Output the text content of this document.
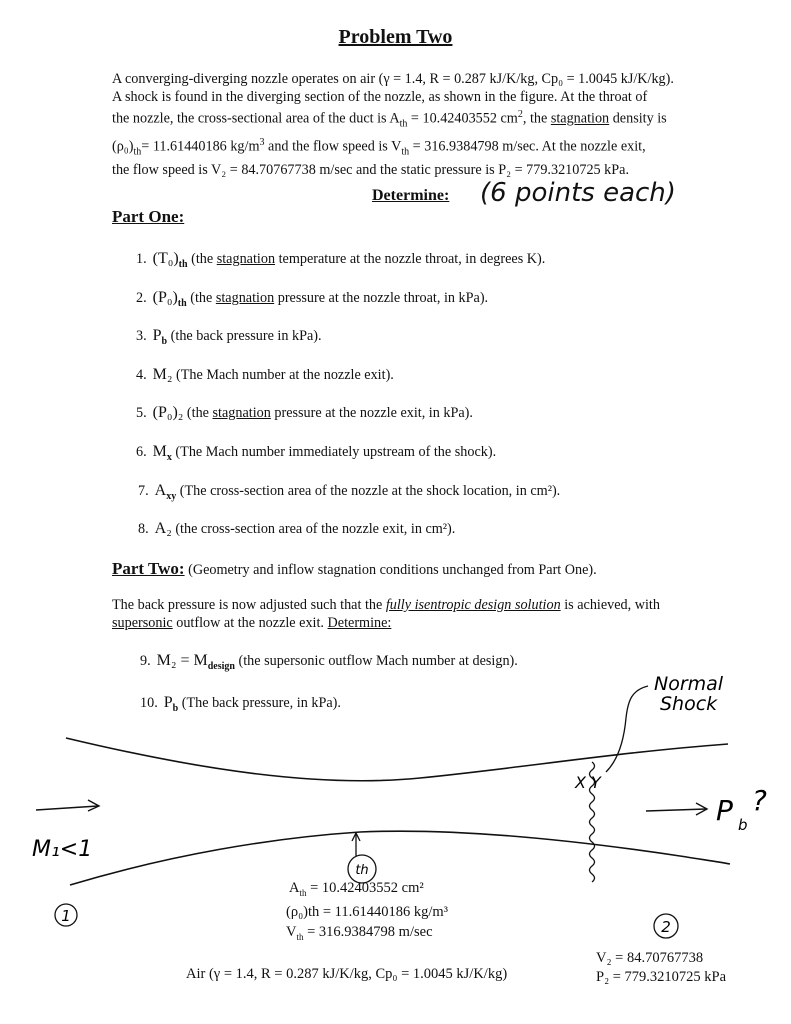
Problem Two
A converging-diverging nozzle operates on air (γ = 1.4, R = 0.287 kJ/K/kg, Cp₀ = 1.0045 kJ/K/kg).
A shock is found in the diverging section of the nozzle, as shown in the figure. At the throat of
the nozzle, the cross-sectional area of the duct is $A_{th} = 10.42403552$ $cm^2$, the stagnation density is
$(\rho_0)_{th}= 11.61440186$ $kg/m^3$ and the flow speed is $V_{th} = 316.9384798$ m/sec. At the nozzle exit,
the flow speed is V₂ = 84.70767738 m/sec and the static pressure is P₂ = 779.3210725 kPa.
Determine: (6 points each)
Part One:
1. $(T_0)_{th}$ (the stagnation temperature at the nozzle throat, in degrees K).
2. $(P_0)_{th}$ (the stagnation pressure at the nozzle throat, in kPa).
3. $P_b$ (the back pressure in kPa).
4. M₂ (The Mach number at the nozzle exit).
5. (P₀)₂ (the stagnation pressure at the nozzle exit, in kPa).
6. $M_x$ (The Mach number immediately upstream of the shock).
7. $A_{xy}$ (The cross-section area of the nozzle at the shock location, in cm²).
8. A₂ (the cross-section area of the nozzle exit, in cm²).
Part Two: (Geometry and inflow stagnation conditions unchanged from Part One).
The back pressure is now adjusted such that the fully isentropic design solution is achieved, with
supersonic outflow at the nozzle exit. Determine:
9. $M_2 = M_{design}$ (the supersonic outflow Mach number at design).
10. $P_b$ (The back pressure, in kPa).
1
th
2
Normal
Shock
X Y
M₁<1
P b
?
$A_{th} = 10.42403552$ cm²
(ρ₀)th = 11.61440186 kg/m³
$V_{th} = 316.9384798$ m/sec
V₂ = 84.70767738
P₂ = 779.3210725 kPa
Air (γ = 1.4, R = 0.287 kJ/K/kg, Cp₀ = 1.0045 kJ/K/kg)
